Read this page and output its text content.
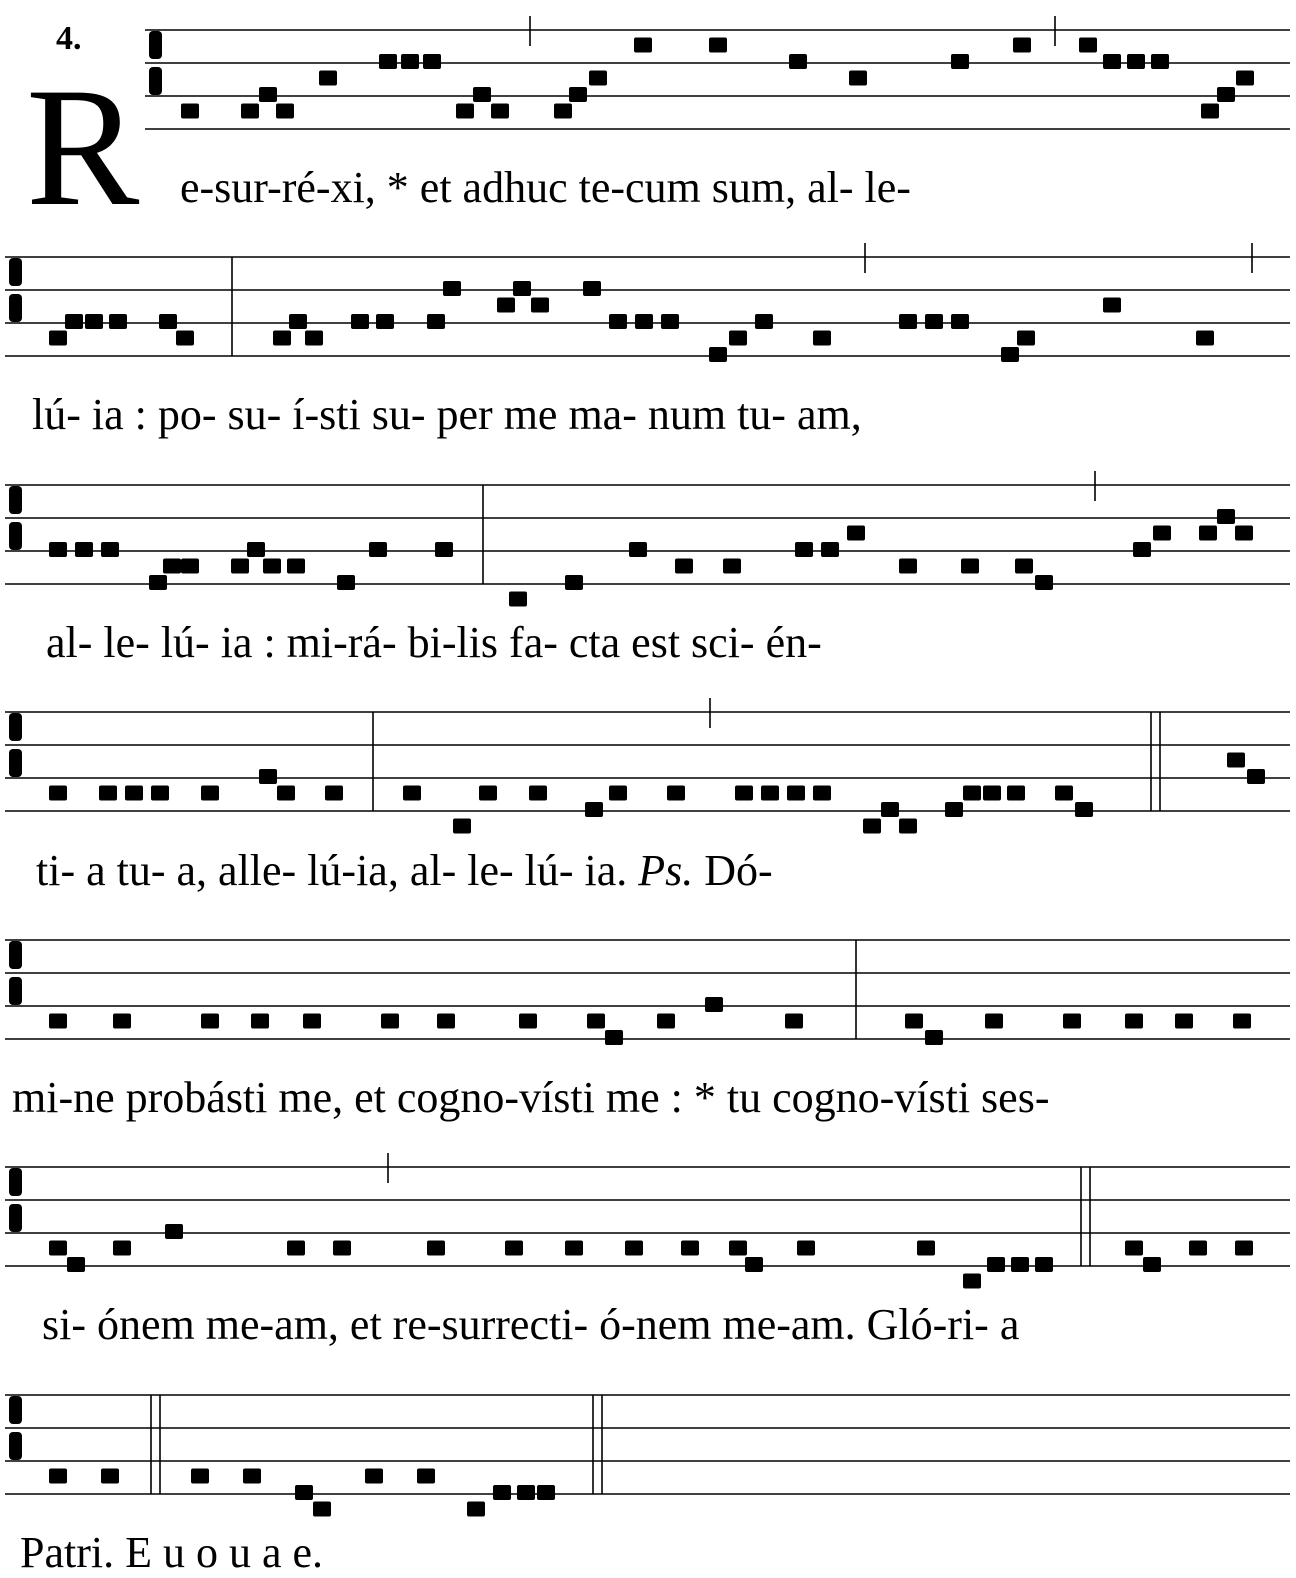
4.
R e-sur-ré-xi, * et adhuc te-cum sum, al- le-
lú- ia : po- su- í-sti su- per me ma- num tu- am,
al- le- lú- ia : mi-rá- bi-lis fa- cta est sci- én-
ti- a tu- a, alle- lú-ia, al- le- lú- ia. Ps. Dó-
mi-ne probásti me, et cogno-vísti me : * tu cogno-vísti ses-
si- ónem me-am, et re-surrecti- ó-nem me-am. Gló-ri- a
Patri. E u o u a e.
